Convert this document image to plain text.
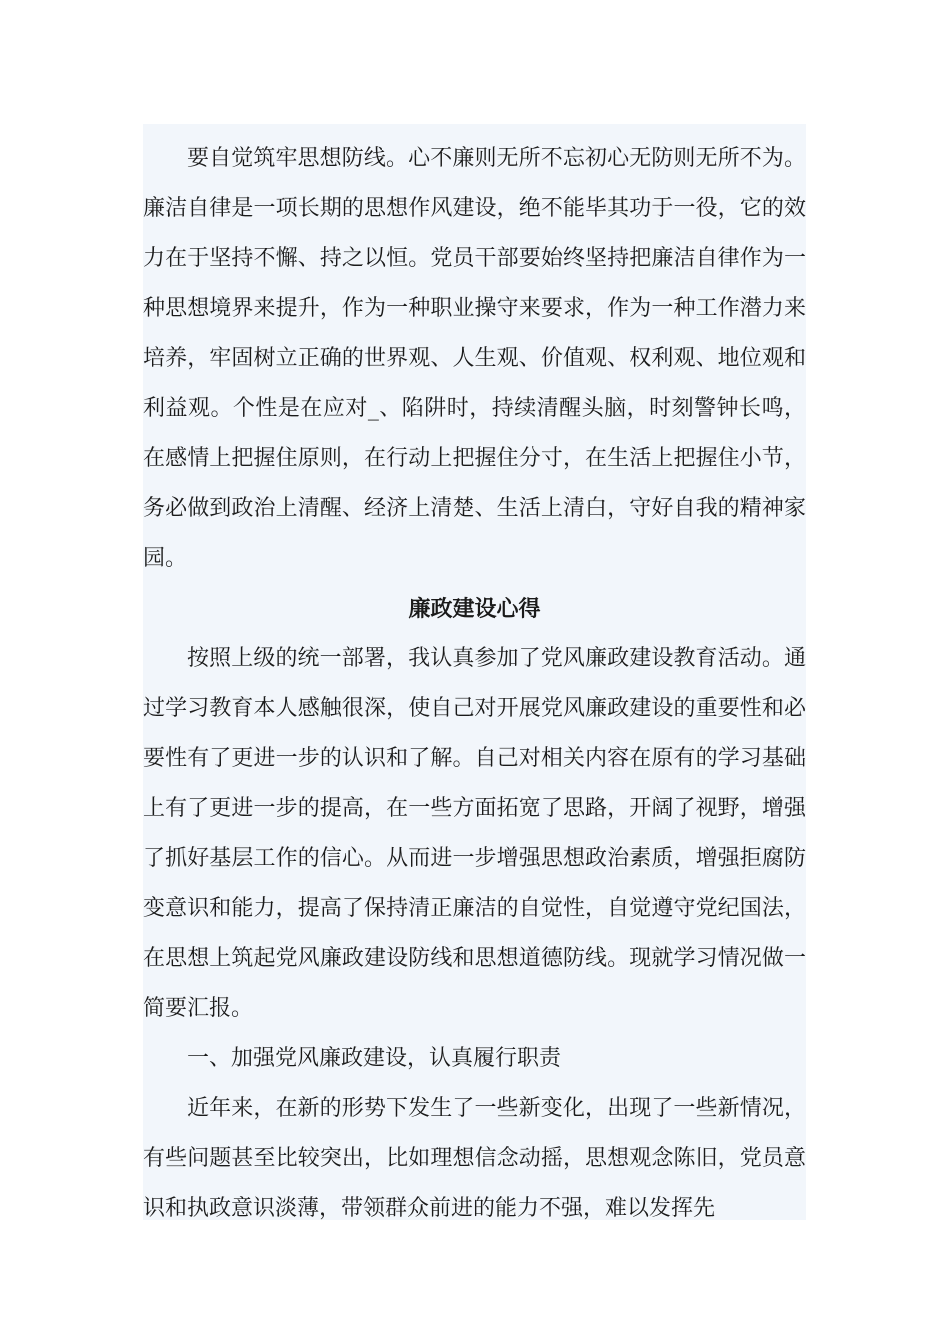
要自觉筑牢思想防线。心不廉则无所不忘初心无防则无所不为。廉洁自律是一项长期的思想作风建设，绝不能毕其功于一役，它的效力在于坚持不懈、持之以恒。党员干部要始终坚持把廉洁自律作为一种思想境界来提升，作为一种职业操守来要求，作为一种工作潜力来培养，牢固树立正确的世界观、人生观、价值观、权利观、地位观和利益观。个性是在应对_、陷阱时，持续清醒头脑，时刻警钟长鸣，在感情上把握住原则，在行动上把握住分寸，在生活上把握住小节，务必做到政治上清醒、经济上清楚、生活上清白，守好自我的精神家园。

廉政建设心得

按照上级的统一部署，我认真参加了党风廉政建设教育活动。通过学习教育本人感触很深，使自己对开展党风廉政建设的重要性和必要性有了更进一步的认识和了解。自己对相关内容在原有的学习基础上有了更进一步的提高，在一些方面拓宽了思路，开阔了视野，增强了抓好基层工作的信心。从而进一步增强思想政治素质，增强拒腐防变意识和能力，提高了保持清正廉洁的自觉性，自觉遵守党纪国法，在思想上筑起党风廉政建设防线和思想道德防线。现就学习情况做一简要汇报。

一、加强党风廉政建设，认真履行职责

近年来，在新的形势下发生了一些新变化，出现了一些新情况，有些问题甚至比较突出，比如理想信念动摇，思想观念陈旧，党员意识和执政意识淡薄，带领群众前进的能力不强，难以发挥先
